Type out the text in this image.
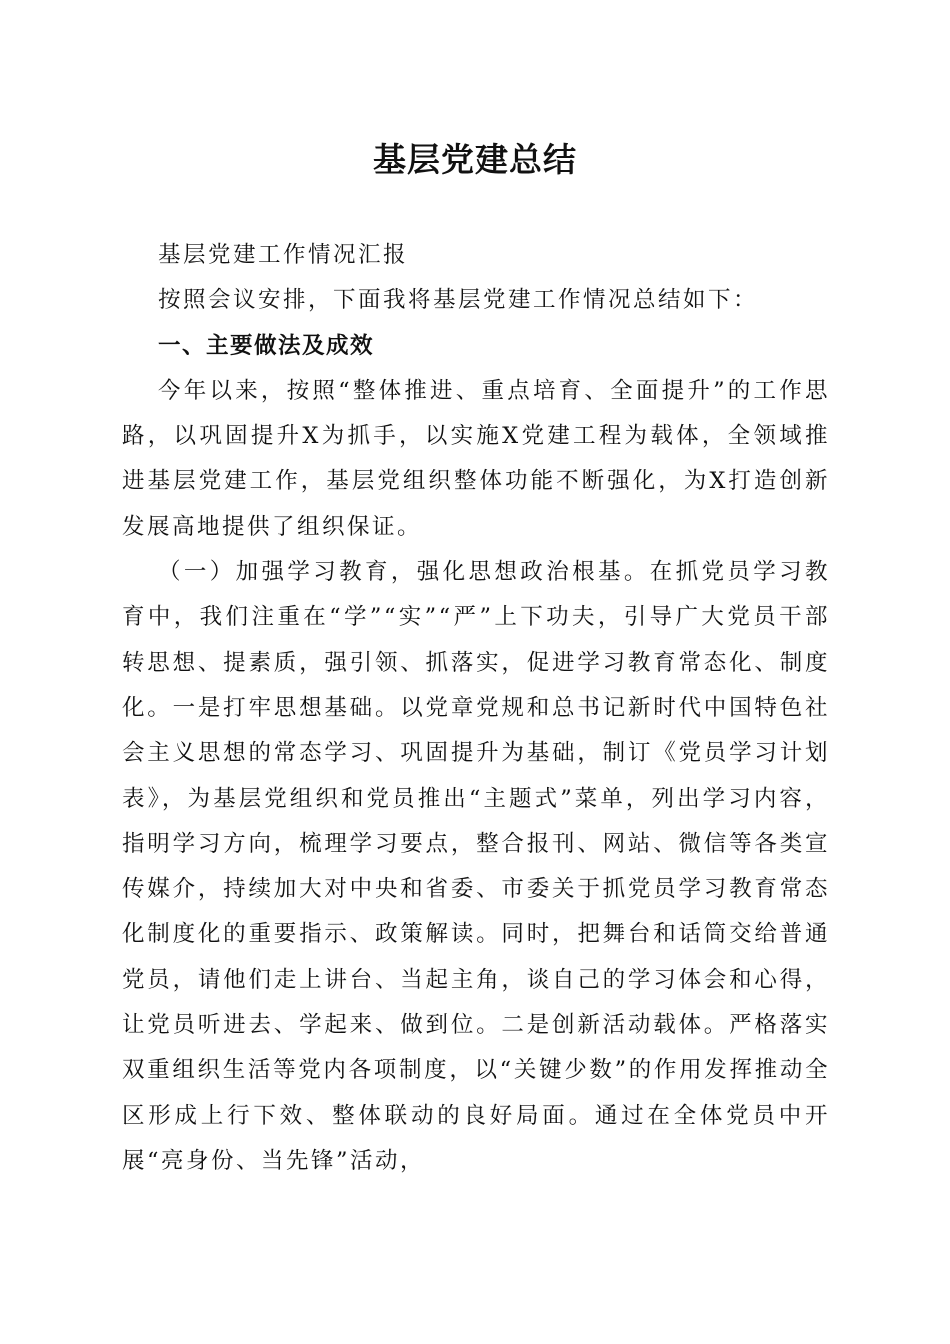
基层党建总结

基层党建工作情况汇报

按照会议安排，下面我将基层党建工作情况总结如下：

一、主要做法及成效

今年以来，按照“整体推进、重点培育、全面提升”的工作思路，以巩固提升X为抓手，以实施X党建工程为载体，全领域推进基层党建工作，基层党组织整体功能不断强化，为X打造创新发展高地提供了组织保证。

（一）加强学习教育，强化思想政治根基。在抓党员学习教育中，我们注重在“学”“实”“严”上下功夫，引导广大党员干部转思想、提素质，强引领、抓落实，促进学习教育常态化、制度化。一是打牢思想基础。以党章党规和总书记新时代中国特色社会主义思想的常态学习、巩固提升为基础，制订《党员学习计划表》，为基层党组织和党员推出“主题式”菜单，列出学习内容，指明学习方向，梳理学习要点，整合报刊、网站、微信等各类宣传媒介，持续加大对中央和省委、市委关于抓党员学习教育常态化制度化的重要指示、政策解读。同时，把舞台和话筒交给普通党员，请他们走上讲台、当起主角，谈自己的学习体会和心得，让党员听进去、学起来、做到位。二是创新活动载体。严格落实双重组织生活等党内各项制度，以“关键少数”的作用发挥推动全区形成上行下效、整体联动的良好局面。通过在全体党员中开展“亮身份、当先锋”活动，
